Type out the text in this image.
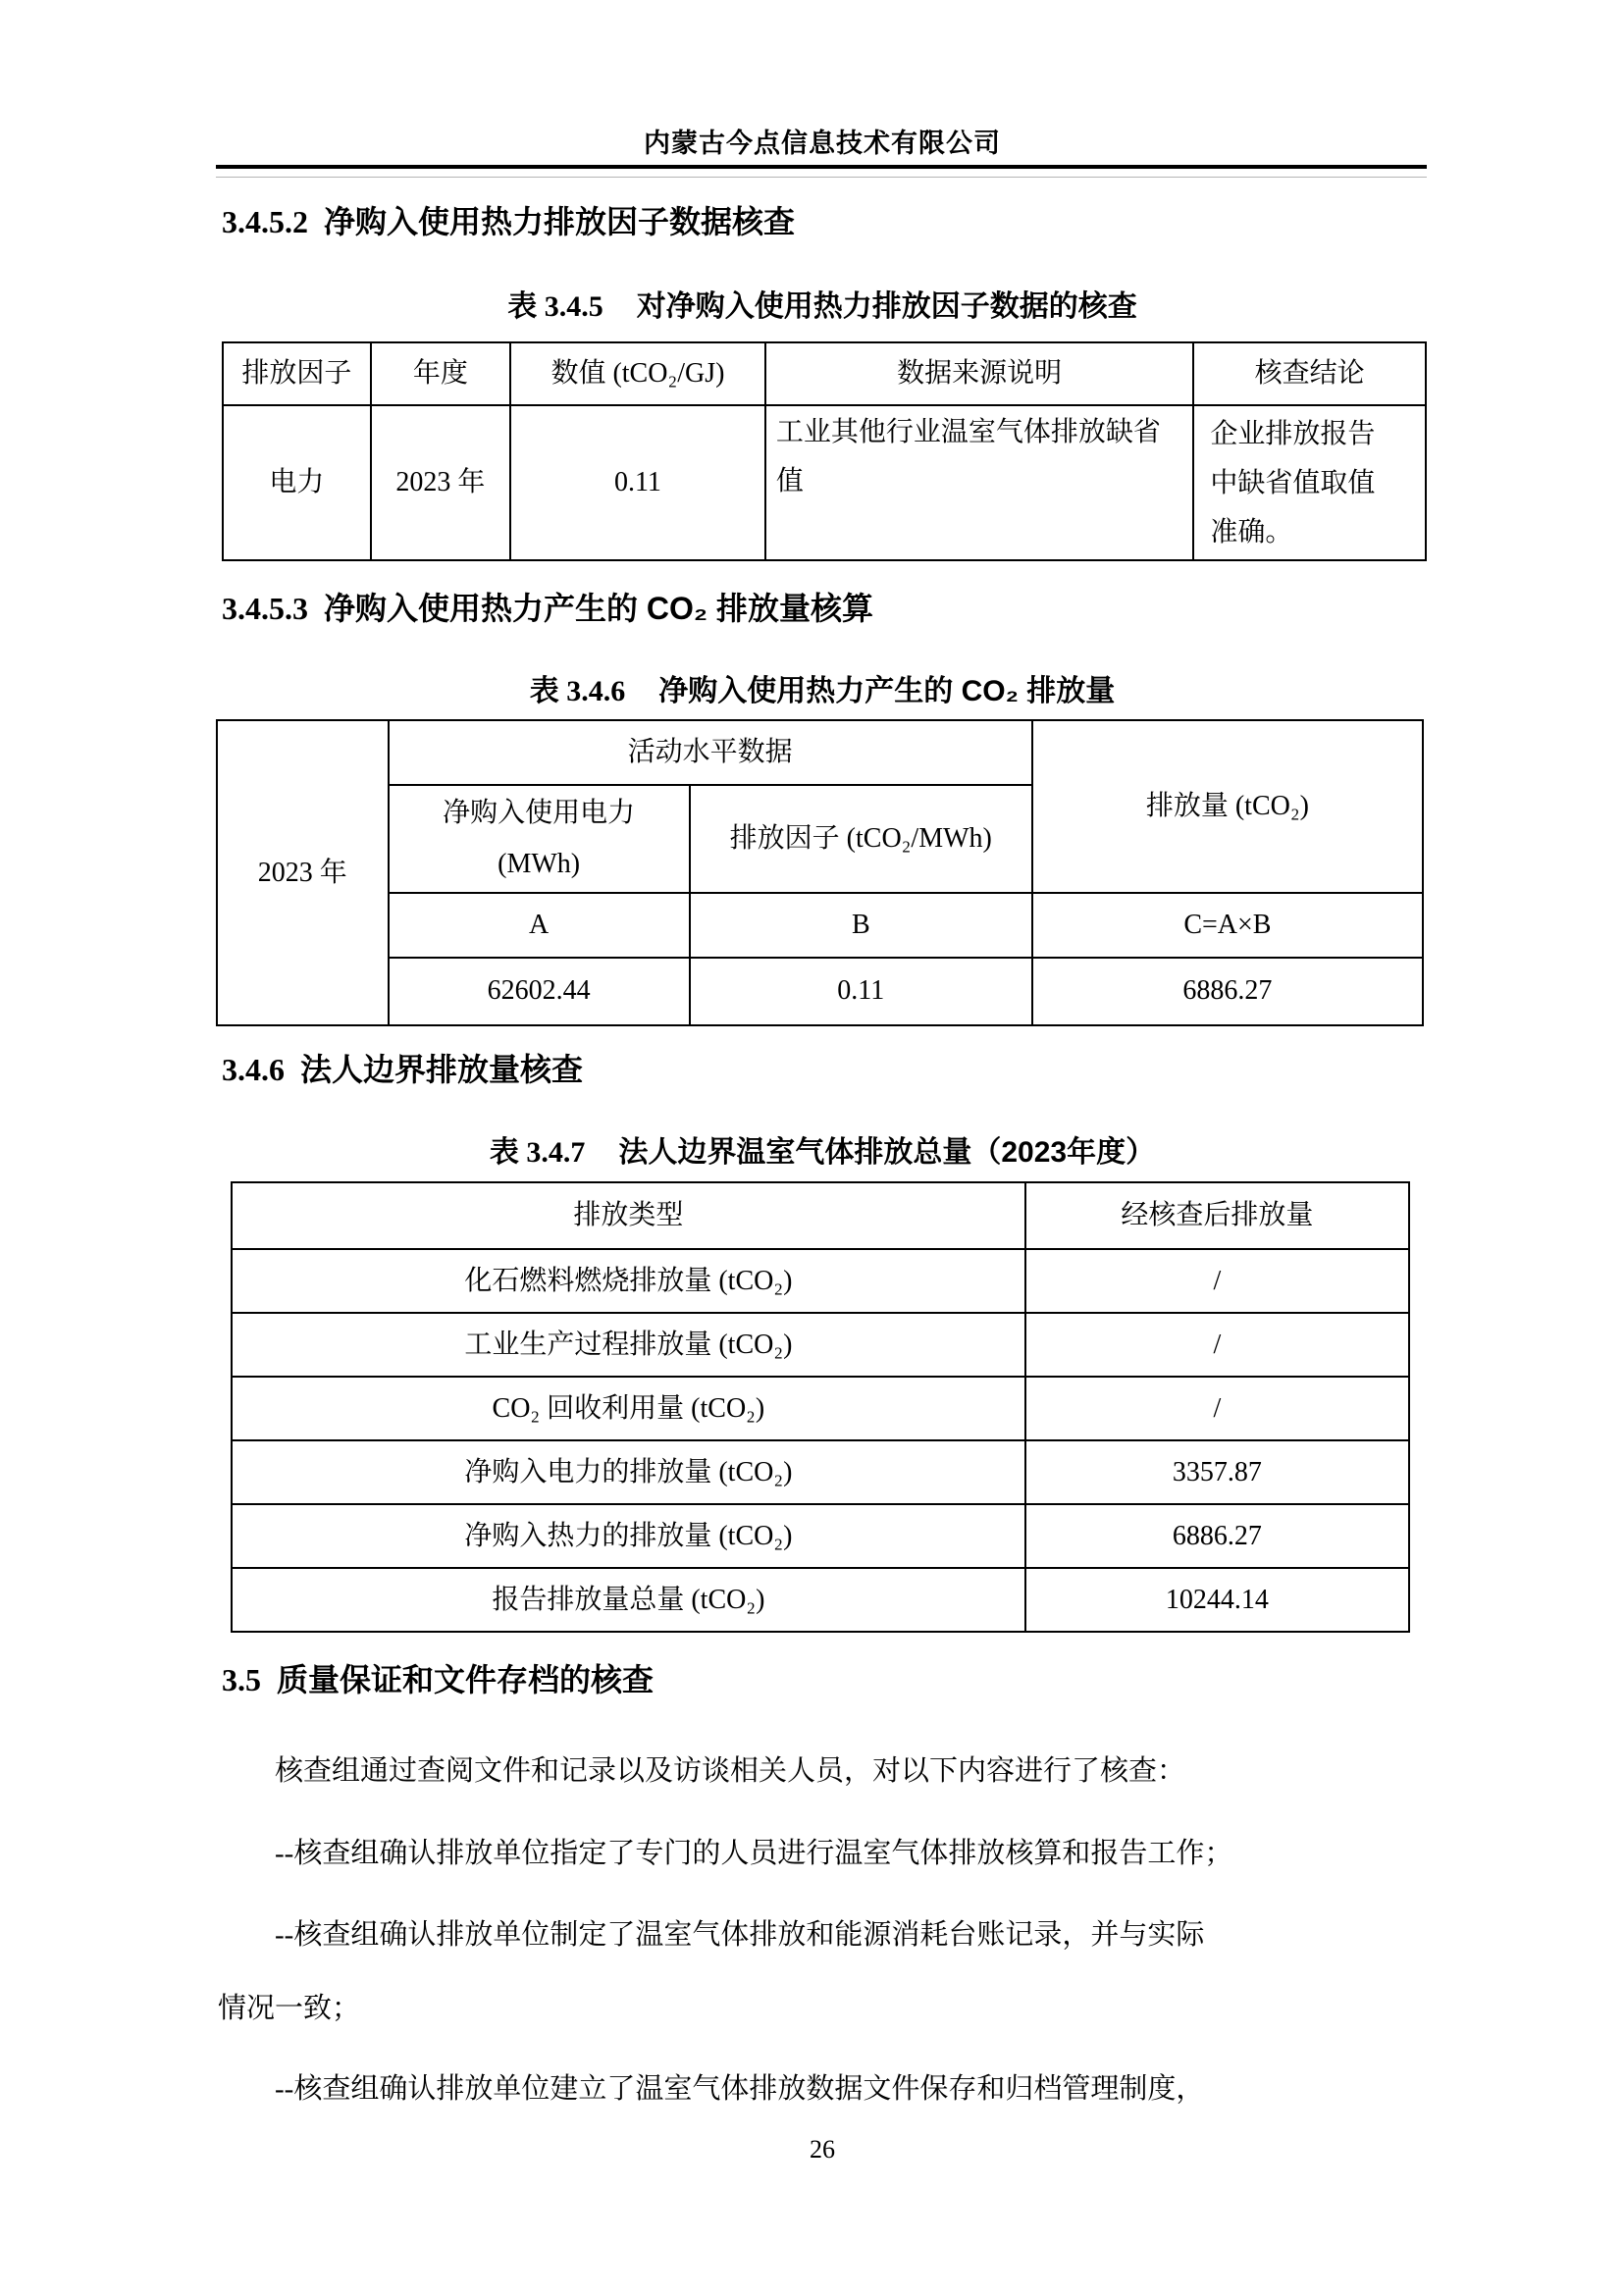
内蒙古今点信息技术有限公司
3.4.5.2 净购入使用热力排放因子数据核查
表 3.4.5 对净购入使用热力排放因子数据的核查
排放因子	年度	数值 (tCO₂/GJ)	数据来源说明	核查结论
电力	2023 年	0.11	工业其他行业温室气体排放缺省值	企业排放报告中缺省值取值准确。
3.4.5.3 净购入使用热力产生的 CO₂ 排放量核算
表 3.4.6 净购入使用热力产生的 CO₂ 排放量
2023 年	活动水平数据		排放量 (tCO₂)
	净购入使用电力 (MWh)	排放因子 (tCO₂/MWh)	
	A	B	C=A×B
	62602.44	0.11	6886.27
3.4.6 法人边界排放量核查
表 3.4.7 法人边界温室气体排放总量（2023年度）
排放类型	经核查后排放量
化石燃料燃烧排放量 (tCO₂)	/
工业生产过程排放量 (tCO₂)	/
CO₂ 回收利用量 (tCO₂)	/
净购入电力的排放量 (tCO₂)	3357.87
净购入热力的排放量 (tCO₂)	6886.27
报告排放量总量 (tCO₂)	10244.14
3.5 质量保证和文件存档的核查
核查组通过查阅文件和记录以及访谈相关人员，对以下内容进行了核查：
--核查组确认排放单位指定了专门的人员进行温室气体排放核算和报告工作；
--核查组确认排放单位制定了温室气体排放和能源消耗台账记录，并与实际
情况一致；
--核查组确认排放单位建立了温室气体排放数据文件保存和归档管理制度，
26
